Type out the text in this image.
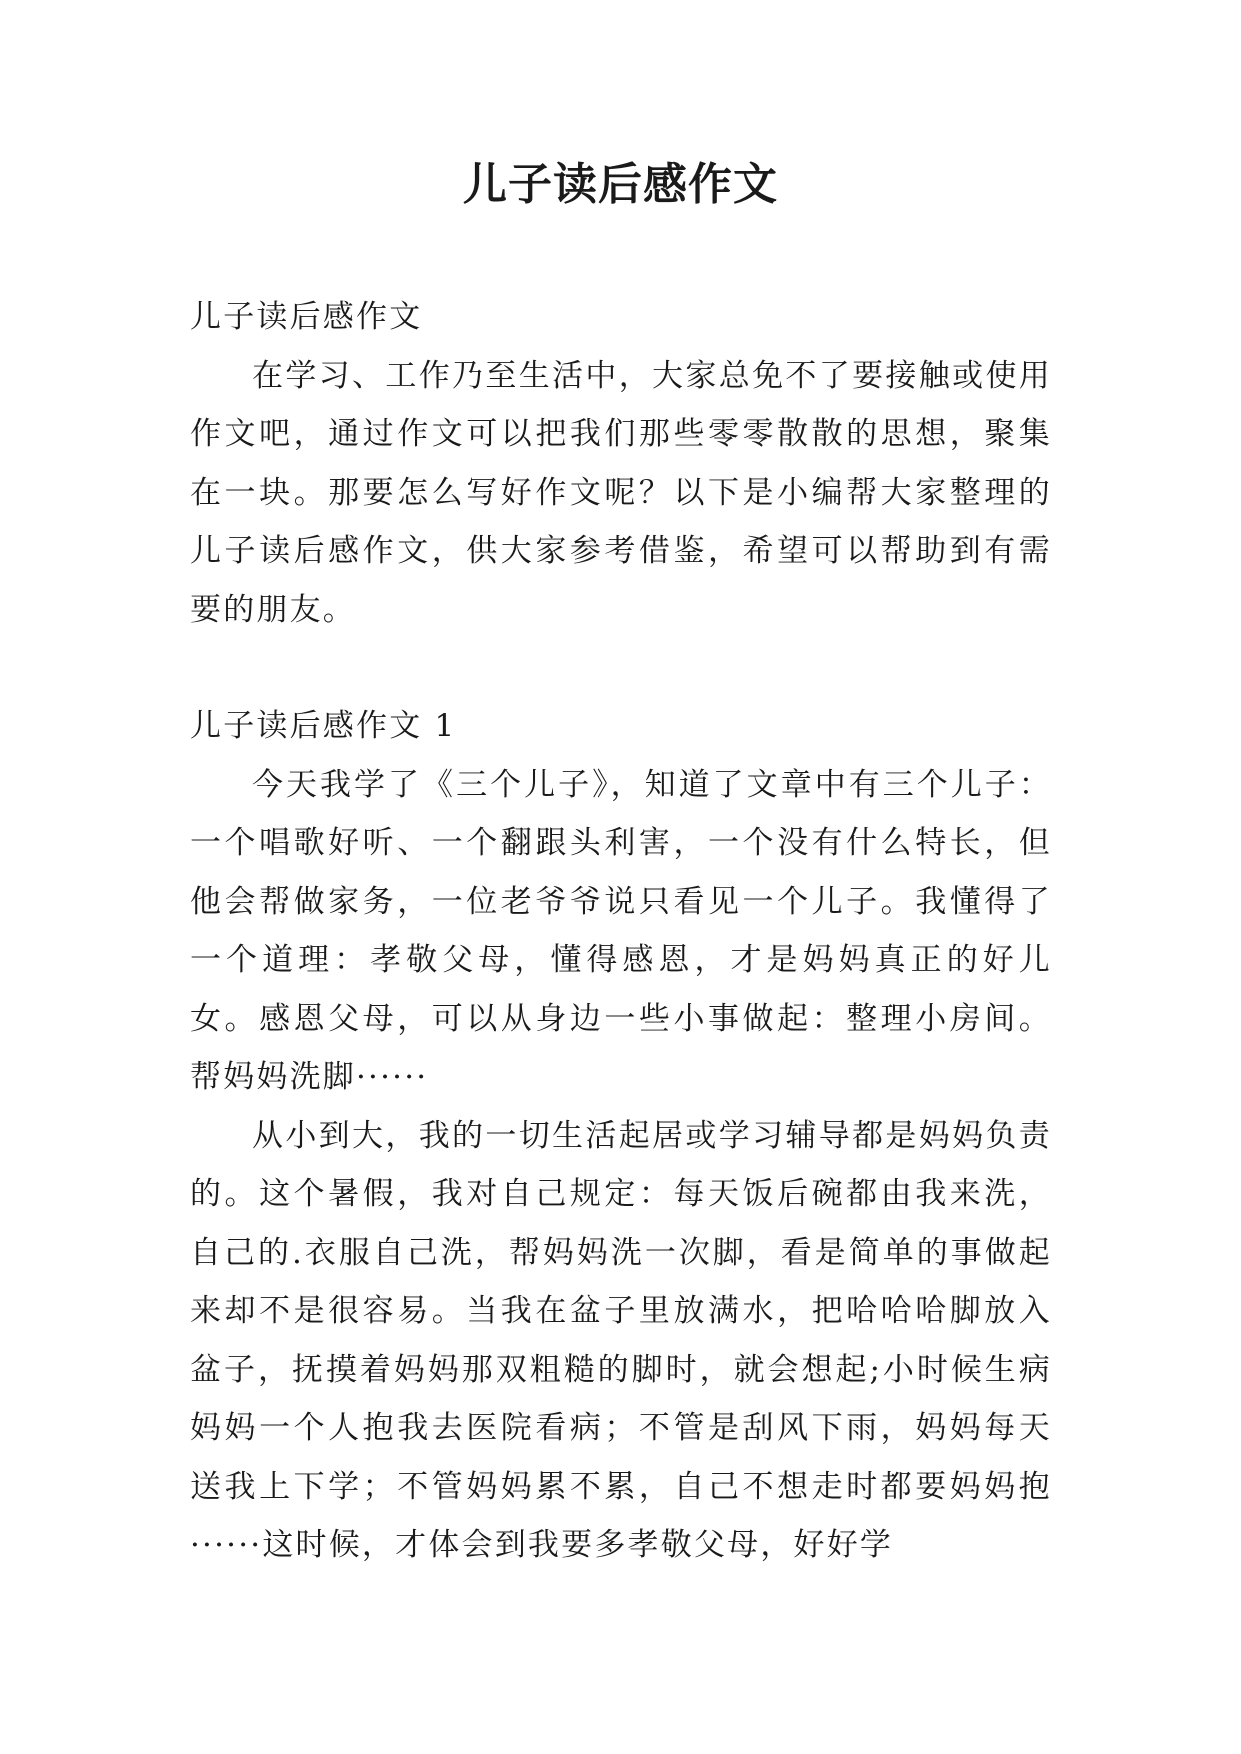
儿子读后感作文

儿子读后感作文

在学习、工作乃至生活中，大家总免不了要接触或使用作文吧，通过作文可以把我们那些零零散散的思想，聚集在一块。那要怎么写好作文呢？以下是小编帮大家整理的儿子读后感作文，供大家参考借鉴，希望可以帮助到有需要的朋友。

儿子读后感作文 1

今天我学了《三个儿子》，知道了文章中有三个儿子：一个唱歌好听、一个翻跟头利害，一个没有什么特长，但他会帮做家务，一位老爷爷说只看见一个儿子。我懂得了一个道理：孝敬父母，懂得感恩，才是妈妈真正的好儿女。感恩父母，可以从身边一些小事做起：整理小房间。帮妈妈洗脚······

从小到大，我的一切生活起居或学习辅导都是妈妈负责的。这个暑假，我对自己规定：每天饭后碗都由我来洗，自己的.衣服自己洗，帮妈妈洗一次脚，看是简单的事做起来却不是很容易。当我在盆子里放满水，把哈哈哈脚放入盆子，抚摸着妈妈那双粗糙的脚时，就会想起;小时候生病妈妈一个人抱我去医院看病；不管是刮风下雨，妈妈每天送我上下学；不管妈妈累不累，自己不想走时都要妈妈抱······这时候，才体会到我要多孝敬父母，好好学
